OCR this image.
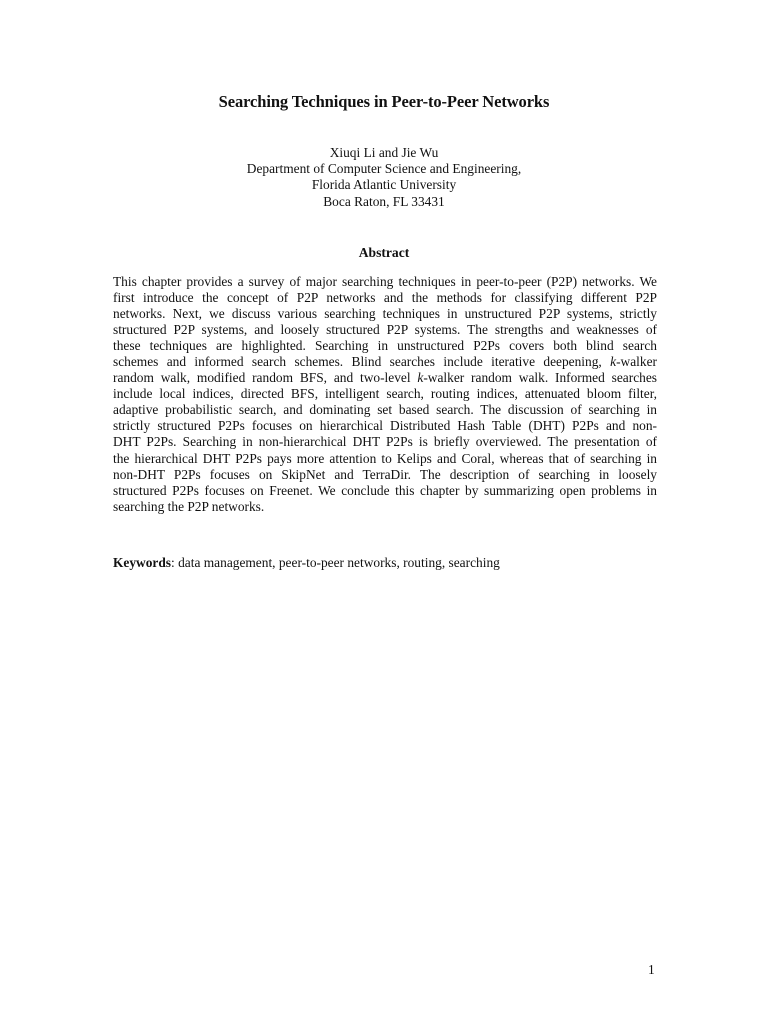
Searching Techniques in Peer-to-Peer Networks
Xiuqi Li and Jie Wu
Department of Computer Science and Engineering,
Florida Atlantic University
Boca Raton, FL 33431
Abstract
This chapter provides a survey of major searching techniques in peer-to-peer (P2P) networks. We
first introduce the concept of P2P networks and the methods for classifying different P2P
networks. Next, we discuss various searching techniques in unstructured P2P systems, strictly
structured P2P systems, and loosely structured P2P systems. The strengths and weaknesses of
these techniques are highlighted. Searching in unstructured P2Ps covers both blind search
schemes and informed search schemes. Blind searches include iterative deepening, k-walker
random walk, modified random BFS, and two-level k-walker random walk. Informed searches
include local indices, directed BFS, intelligent search, routing indices, attenuated bloom filter,
adaptive probabilistic search, and dominating set based search. The discussion of searching in
strictly structured P2Ps focuses on hierarchical Distributed Hash Table (DHT) P2Ps and non-
DHT P2Ps. Searching in non-hierarchical DHT P2Ps is briefly overviewed. The presentation of
the hierarchical DHT P2Ps pays more attention to Kelips and Coral, whereas that of searching in
non-DHT P2Ps focuses on SkipNet and TerraDir. The description of searching in loosely
structured P2Ps focuses on Freenet. We conclude this chapter by summarizing open problems in
searching the P2P networks.
Keywords: data management, peer-to-peer networks, routing, searching
1
